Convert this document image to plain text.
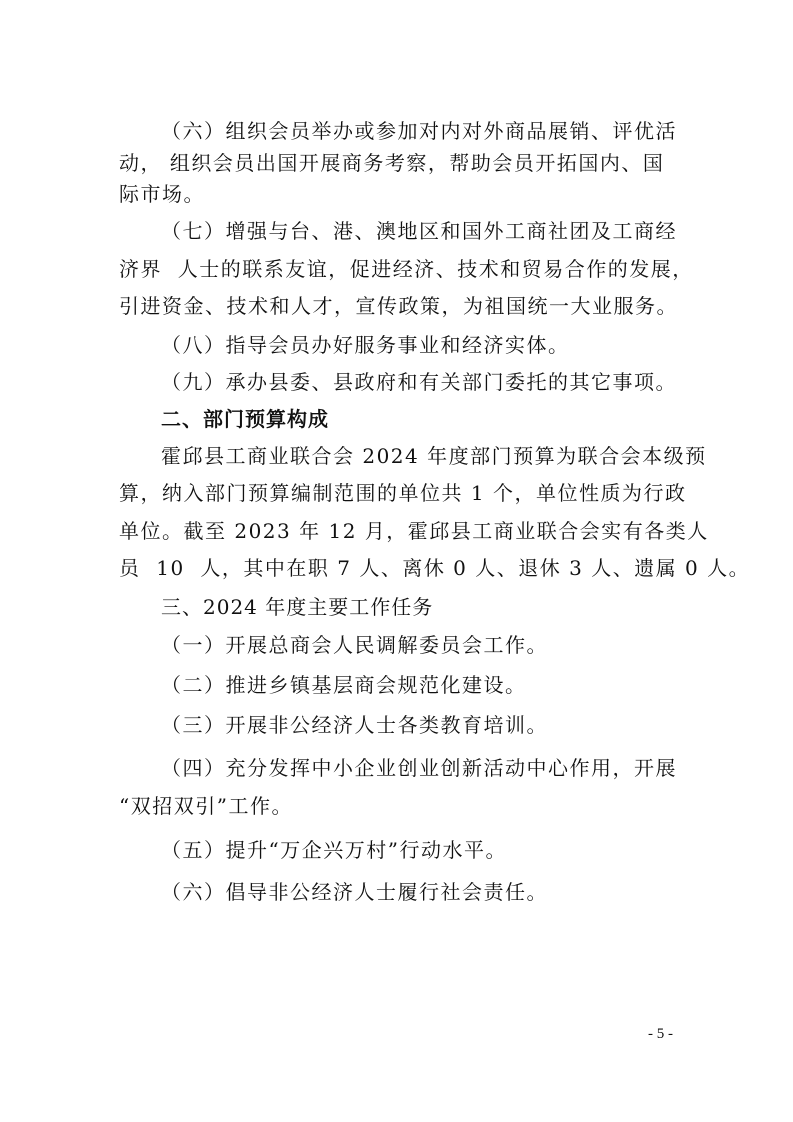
（六）组织会员举办或参加对内对外商品展销、评优活
动， 组织会员出国开展商务考察，帮助会员开拓国内、国
际市场。
（七）增强与台、港、澳地区和国外工商社团及工商经
济界  人士的联系友谊，促进经济、技术和贸易合作的发展，
引进资金、技术和人才，宣传政策，为祖国统一大业服务。
（八）指导会员办好服务事业和经济实体。
（九）承办县委、县政府和有关部门委托的其它事项。
二、部门预算构成
霍邱县工商业联合会 2024 年度部门预算为联合会本级预
算，纳入部门预算编制范围的单位共 1 个，单位性质为行政
单位。截至 2023 年 12 月，霍邱县工商业联合会实有各类人
员  10  人，其中在职 7 人、离休 0 人、退休 3 人、遗属 0 人。
三、2024 年度主要工作任务
（一）开展总商会人民调解委员会工作。
（二）推进乡镇基层商会规范化建设。
（三）开展非公经济人士各类教育培训。
（四）充分发挥中小企业创业创新活动中心作用，开展
“双招双引”工作。
（五）提升“万企兴万村”行动水平。
（六）倡导非公经济人士履行社会责任。
- 5 -
